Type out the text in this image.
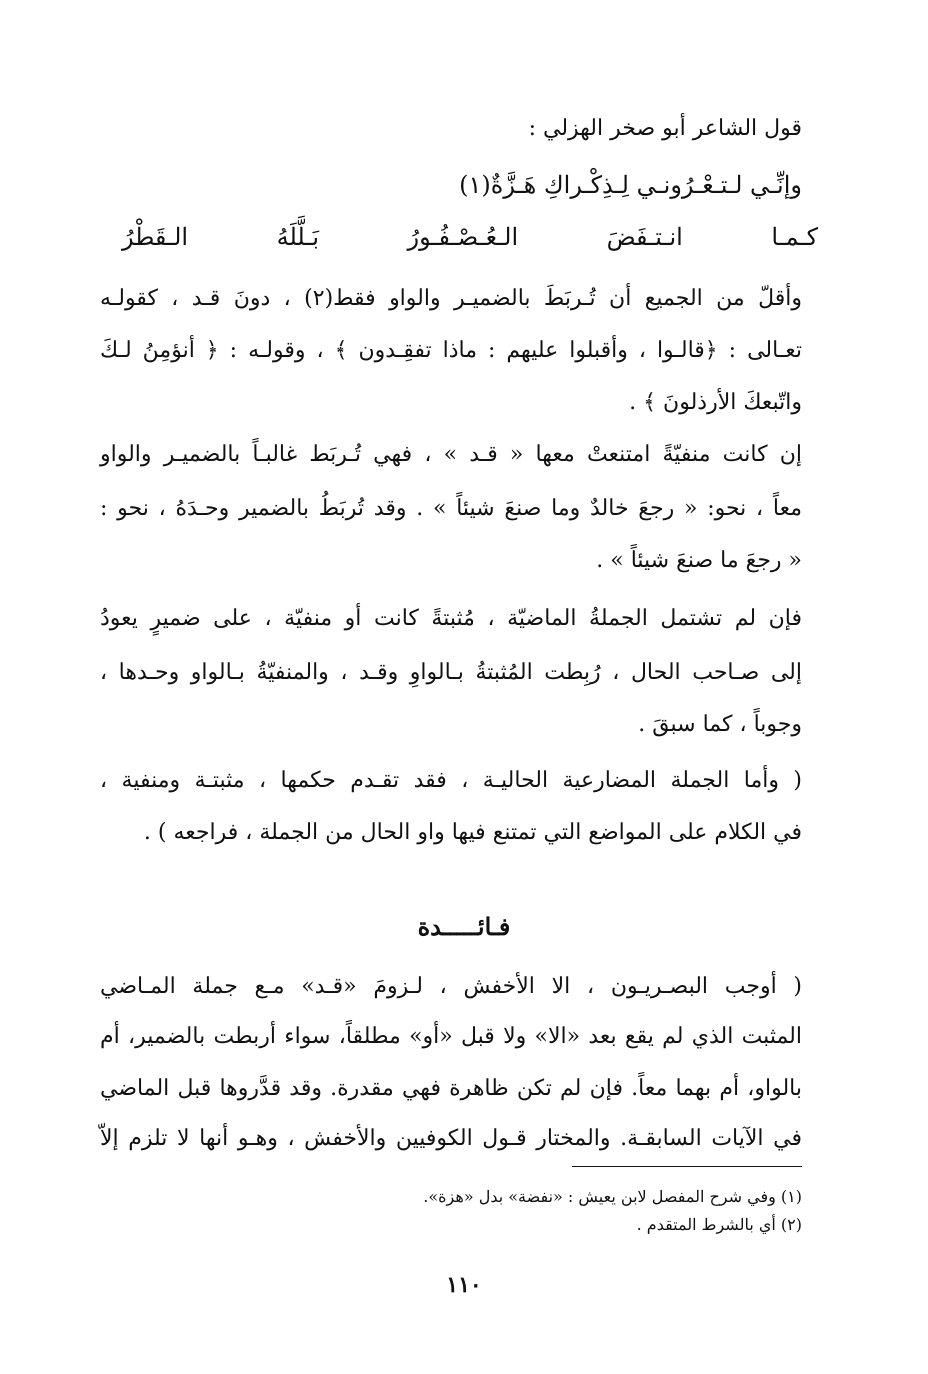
قول الشاعر أبو صخر الهزلي :
وإنِّـي لـتـعْـرُونـي لِـذِكْـراكِ هَـزَّةٌ(١)
كـمـا انـتـفَضَ الـعُـصْـفُـورُ بَـلَّلَهُ الـقَطْرُ
وأقلّ من الجميع أن تُـربَطَ بالضميـر والواو فقط(٢) ، دونَ قـد ، كقولـه
تعـالى : ﴿قالـوا ، وأقبلوا عليهم : ماذا تفقِـدون ﴾ ، وقولـه : ﴿ أنؤمِنُ لـكَ
واتّبعكَ الأرذلونَ ﴾ .
إن كانت منفيّةً امتنعتْ معها « قـد » ، فهي تُـربَط غالبـاً بالضميـر والواو
معاً ، نحو: « رجعَ خالدٌ وما صنعَ شيئاً » . وقد تُربَطُ بالضمير وحـدَهُ ، نحو :
« رجعَ ما صنعَ شيئاً » .
فإن لم تشتمل الجملةُ الماضيّة ، مُثبتةً كانت أو منفيّة ، على ضميرٍ يعودُ
إلى صـاحب الحال ، رُبِطت المُثبتةُ بـالواوِ وقـد ، والمنفيّةُ بـالواو وحـدها ،
وجوباً ، كما سبقَ .
( وأما الجملة المضارعية الحاليـة ، فقد تقـدم حكمها ، مثبتـة ومنفية ،
في الكلام على المواضع التي تمتنع فيها واو الحال من الجملة ، فراجعه ) .
فـائـــــدة
( أوجب البصـريـون ، الا الأخفش ، لـزومَ «قـد» مـع جملة المـاضي
المثبت الذي لم يقع بعد «الا» ولا قبل «أو» مطلقاً، سواء أربطت بالضمير، أم
بالواو، أم بهما معاً. فإن لم تكن ظاهرة فهي مقدرة. وقد قدَّروها قبل الماضي
في الآيات السابقـة. والمختار قـول الكوفيين والأخفش ، وهـو أنها لا تلزم إلاّ
(١) وفي شرح المفصل لابن يعيش : «نفضة» بدل «هزة».
(٢) أي بالشرط المتقدم .
١١٠
